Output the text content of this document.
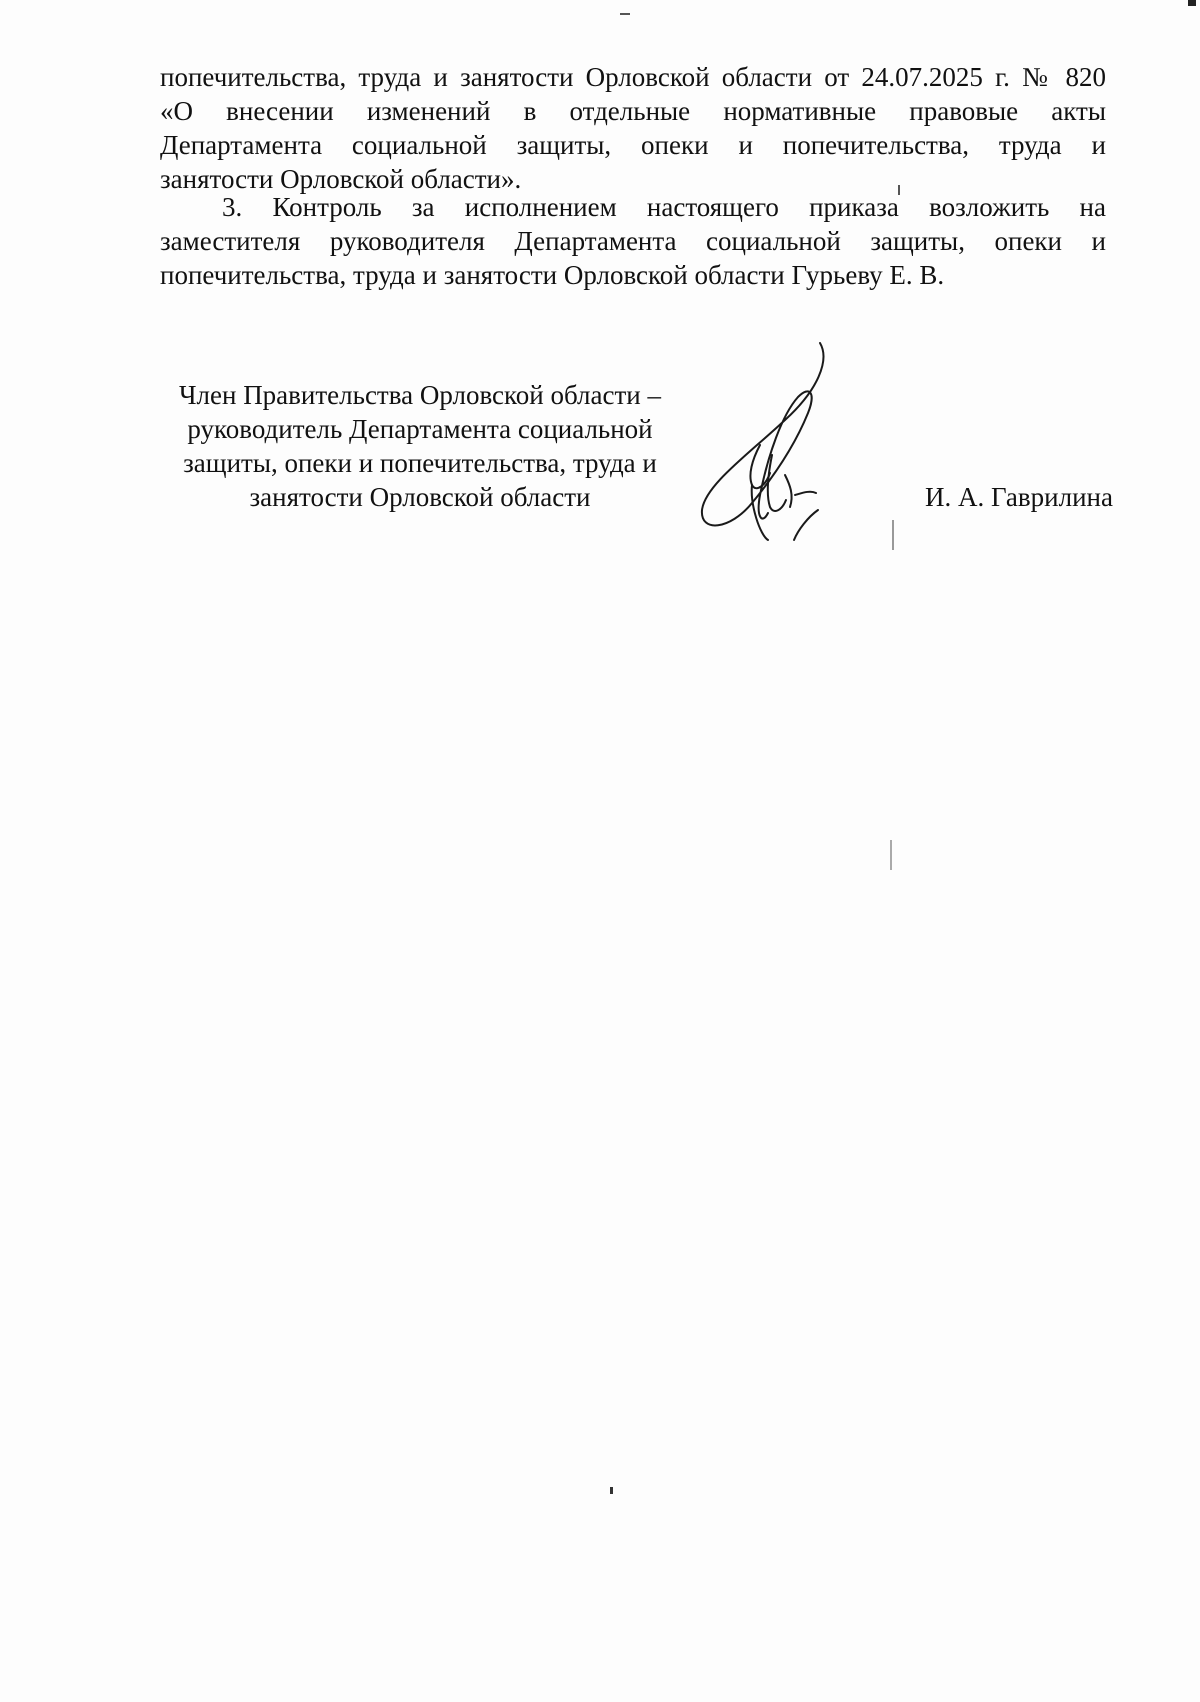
попечительства, труда и занятости Орловской области от 24.07.2025 г. № 820
«О внесении изменений в отдельные нормативные правовые акты
Департамента социальной защиты, опеки и попечительства, труда и
занятости Орловской области».
3. Контроль за исполнением настоящего приказа возложить на
заместителя руководителя Департамента социальной защиты, опеки и
попечительства, труда и занятости Орловской области Гурьеву Е. В.
Член Правительства Орловской области –
руководитель Департамента социальной
защиты, опеки и попечительства, труда и
занятости Орловской области	И. А. Гаврилина
